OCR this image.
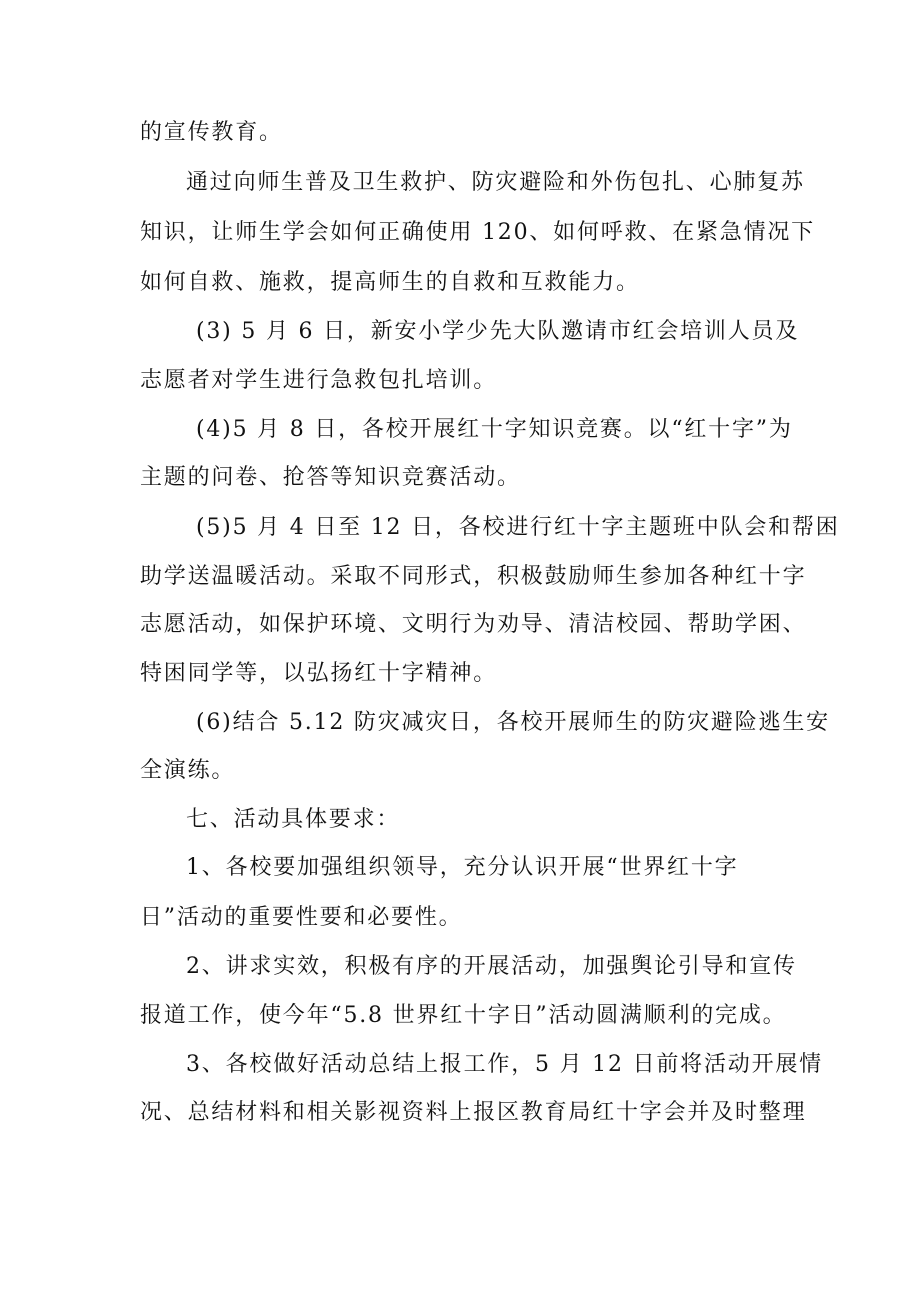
的宣传教育。
通过向师生普及卫生救护、防灾避险和外伤包扎、心肺复苏
知识，让师生学会如何正确使用 120、如何呼救、在紧急情况下
如何自救、施救，提高师生的自救和互救能力。
(3) 5 月 6 日，新安小学少先大队邀请市红会培训人员及
志愿者对学生进行急救包扎培训。
(4)5 月 8 日，各校开展红十字知识竞赛。以“红十字”为
主题的问卷、抢答等知识竞赛活动。
(5)5 月 4 日至 12 日，各校进行红十字主题班中队会和帮困
助学送温暖活动。采取不同形式，积极鼓励师生参加各种红十字
志愿活动，如保护环境、文明行为劝导、清洁校园、帮助学困、
特困同学等，以弘扬红十字精神。
(6)结合 5.12 防灾减灾日，各校开展师生的防灾避险逃生安
全演练。
七、活动具体要求：
1、各校要加强组织领导，充分认识开展“世界红十字
日”活动的重要性要和必要性。
2、讲求实效，积极有序的开展活动，加强舆论引导和宣传
报道工作，使今年“5.8 世界红十字日”活动圆满顺利的完成。
3、各校做好活动总结上报工作，5 月 12 日前将活动开展情
况、总结材料和相关影视资料上报区教育局红十字会并及时整理
